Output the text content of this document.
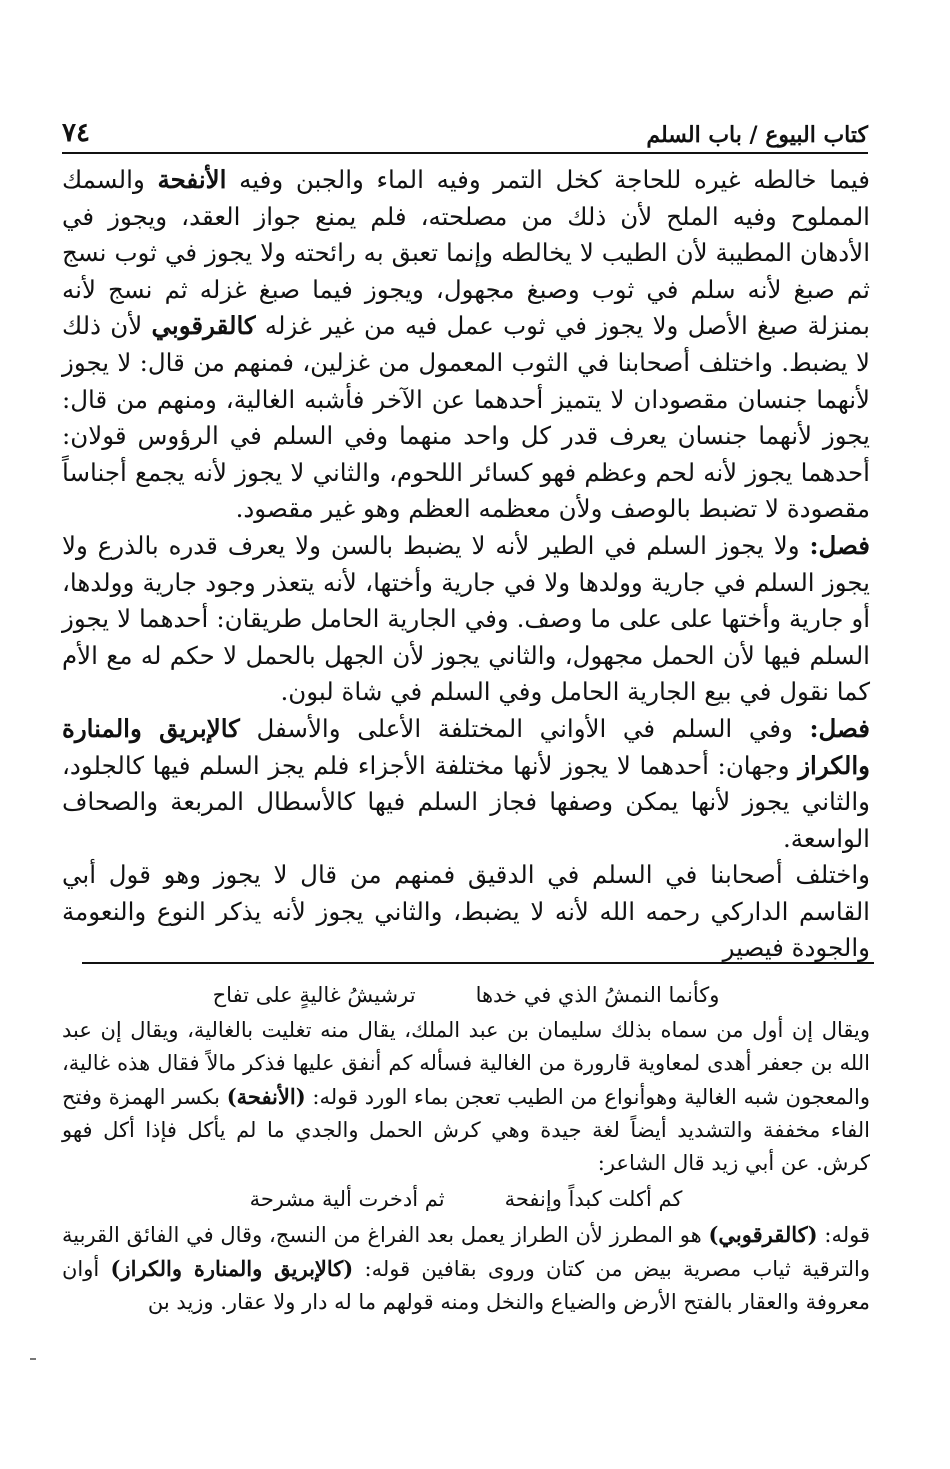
كتاب البيوع / باب السلم
٧٤

فيما خالطه غيره للحاجة كخل التمر وفيه الماء والجبن وفيه الأنفحة والسمك المملوح وفيه الملح لأن ذلك من مصلحته، فلم يمنع جواز العقد، ويجوز في الأدهان المطيبة لأن الطيب لا يخالطه وإنما تعبق به رائحته ولا يجوز في ثوب نسج ثم صبغ لأنه سلم في ثوب وصبغ مجهول، ويجوز فيما صبغ غزله ثم نسج لأنه بمنزلة صبغ الأصل ولا يجوز في ثوب عمل فيه من غير غزله كالقرقوبي لأن ذلك لا يضبط. واختلف أصحابنا في الثوب المعمول من غزلين، فمنهم من قال: لا يجوز لأنهما جنسان مقصودان لا يتميز أحدهما عن الآخر فأشبه الغالية، ومنهم من قال: يجوز لأنهما جنسان يعرف قدر كل واحد منهما وفي السلم في الرؤوس قولان: أحدهما يجوز لأنه لحم وعظم فهو كسائر اللحوم، والثاني لا يجوز لأنه يجمع أجناساً مقصودة لا تضبط بالوصف ولأن معظمه العظم وهو غير مقصود.

فصل: ولا يجوز السلم في الطير لأنه لا يضبط بالسن ولا يعرف قدره بالذرع ولا يجوز السلم في جارية وولدها ولا في جارية وأختها، لأنه يتعذر وجود جارية وولدها، أو جارية وأختها على على ما وصف. وفي الجارية الحامل طريقان: أحدهما لا يجوز السلم فيها لأن الحمل مجهول، والثاني يجوز لأن الجهل بالحمل لا حكم له مع الأم كما نقول في بيع الجارية الحامل وفي السلم في شاة لبون.

فصل: وفي السلم في الأواني المختلفة الأعلى والأسفل كالإبريق والمنارة والكراز وجهان: أحدهما لا يجوز لأنها مختلفة الأجزاء فلم يجز السلم فيها كالجلود، والثاني يجوز لأنها يمكن وصفها فجاز السلم فيها كالأسطال المربعة والصحاف الواسعة.

واختلف أصحابنا في السلم في الدقيق فمنهم من قال لا يجوز وهو قول أبي القاسم الداركي رحمه الله لأنه لا يضبط، والثاني يجوز لأنه يذكر النوع والنعومة والجودة فيصير

وكأنما النمشُ الذي في خدها
ترشيشُ غاليةٍ على تفاح

ويقال إن أول من سماه بذلك سليمان بن عبد الملك، يقال منه تغليت بالغالية، ويقال إن عبد الله بن جعفر أهدى لمعاوية قارورة من الغالية فسأله كم أنفق عليها فذكر مالاً فقال هذه غالية، والمعجون شبه الغالية وهوأنواع من الطيب تعجن بماء الورد قوله: (الأنفحة) بكسر الهمزة وفتح الفاء مخففة والتشديد أيضاً لغة جيدة وهي كرش الحمل والجدي ما لم يأكل فإذا أكل فهو كرش. عن أبي زيد قال الشاعر:

كم أكلت كبداً وإنفحة
ثم أدخرت ألية مشرحة

قوله: (كالقرقوبي) هو المطرز لأن الطراز يعمل بعد الفراغ من النسج، وقال في الفائق القربية والترقية ثياب مصرية بيض من كتان وروى بقافين قوله: (كالإبريق والمنارة والكراز) أوان معروفة والعقار بالفتح الأرض والضياع والنخل ومنه قولهم ما له دار ولا عقار. وزيد بن
